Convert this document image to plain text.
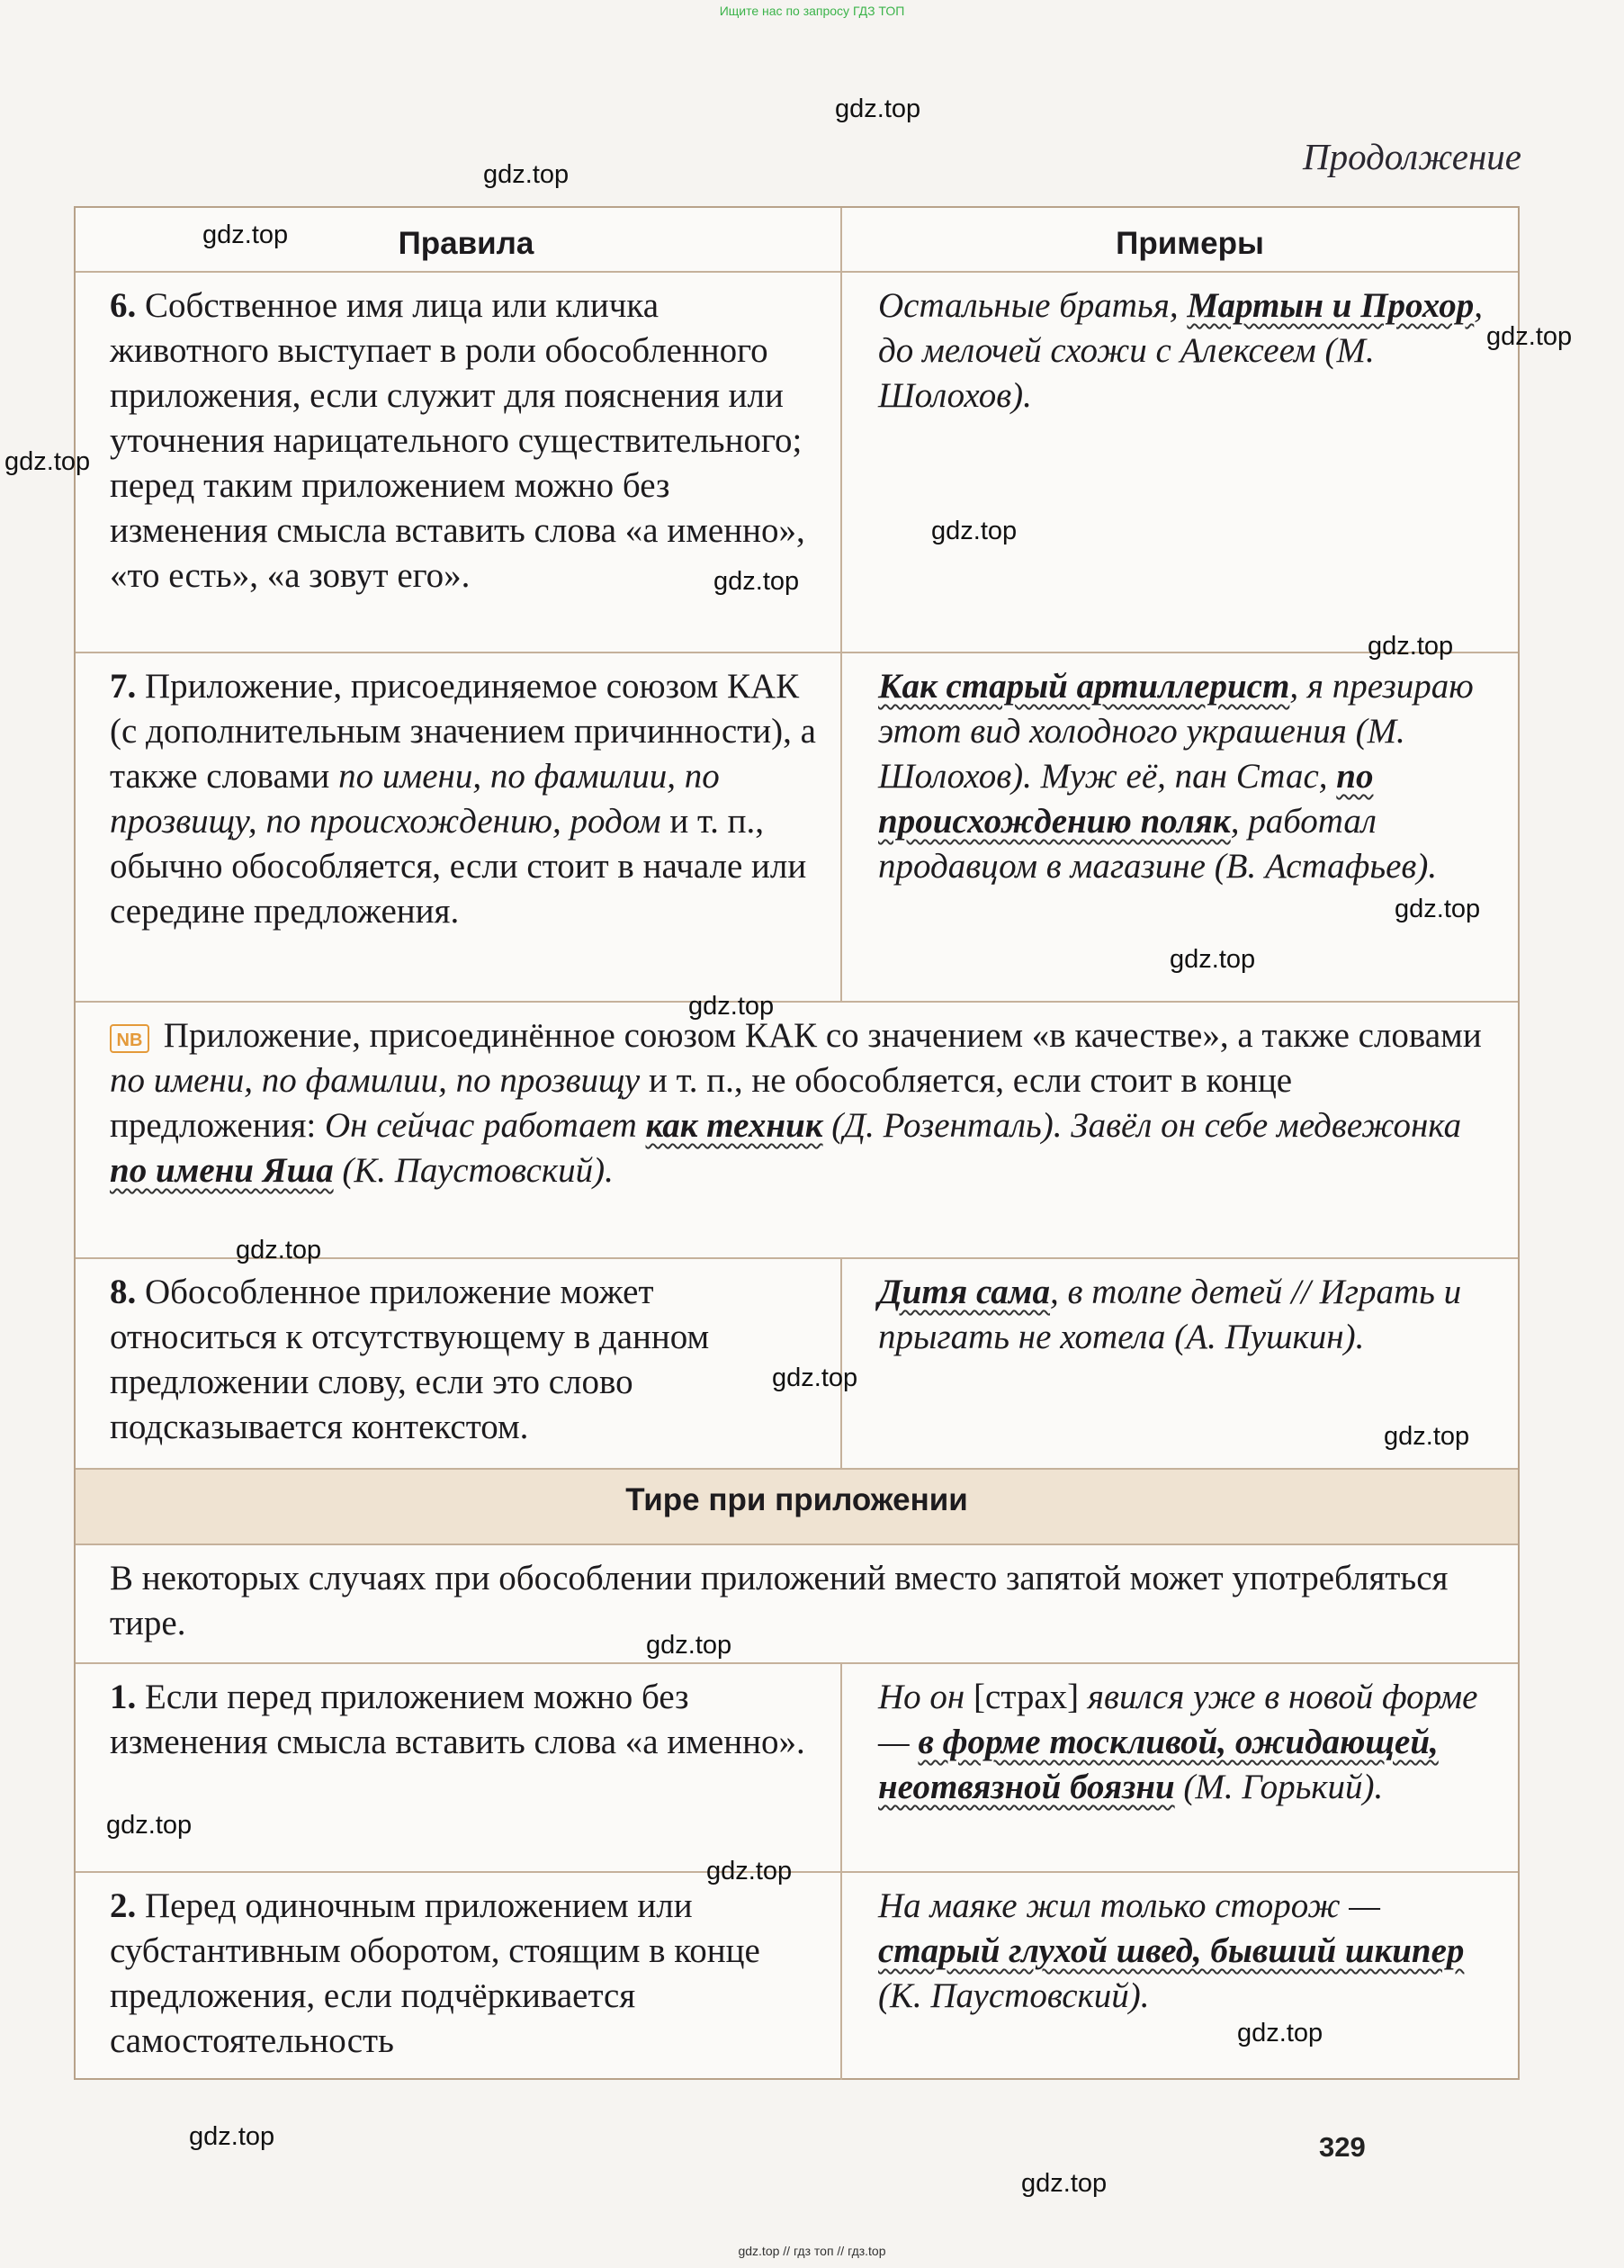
Ищите нас по запросу ГДЗ ТОП
Продолжение
Правила	Примеры
6. Собственное имя лица или кличка животного выступает в роли обособленного приложения, если служит для пояснения или уточнения нарицательного существительного; перед таким приложением можно без изменения смысла вставить слова «а именно», «то есть», «а зовут его».
Остальные братья, Мартын и Прохор, до мелочей схожи с Алексеем (М. Шолохов).
7. Приложение, присоединяемое союзом КАК (с дополнительным значением причинности), а также словами по имени, по фамилии, по прозвищу, по происхождению, родом и т. п., обычно обособляется, если стоит в начале или середине предложения.
Как старый артиллерист, я презираю этот вид холодного украшения (М. Шолохов). Муж её, пан Стас, по происхождению поляк, работал продавцом в магазине (В. Астафьев).
NB Приложение, присоединённое союзом КАК со значением «в качестве», а также словами по имени, по фамилии, по прозвищу и т. п., не обособляется, если стоит в конце предложения: Он сейчас работает как техник (Д. Розенталь). Завёл он себе медвежонка по имени Яша (К. Паустовский).
8. Обособленное приложение может относиться к отсутствующему в данном предложении слову, если это слово подсказывается контекстом.
Дитя сама, в толпе детей // Играть и прыгать не хотела (А. Пушкин).
Тире при приложении
В некоторых случаях при обособлении приложений вместо запятой может употребляться тире.
1. Если перед приложением можно без изменения смысла вставить слова «а именно».
Но он [страх] явился уже в новой форме — в форме тоскливой, ожидающей, неотвязной боязни (М. Горький).
2. Перед одиночным приложением или субстантивным оборотом, стоящим в конце предложения, если подчёркивается самостоятельность
На маяке жил только сторож — старый глухой швед, бывший шкипер (К. Паустовский).
329
gdz.top // гдз топ // гдз.top
gdz.top
gdz.top
gdz.top
gdz.top
gdz.top
gdz.top
gdz.top
gdz.top
gdz.top
gdz.top
gdz.top
gdz.top
gdz.top
gdz.top
gdz.top
gdz.top
gdz.top
gdz.top
gdz.top
gdz.top
